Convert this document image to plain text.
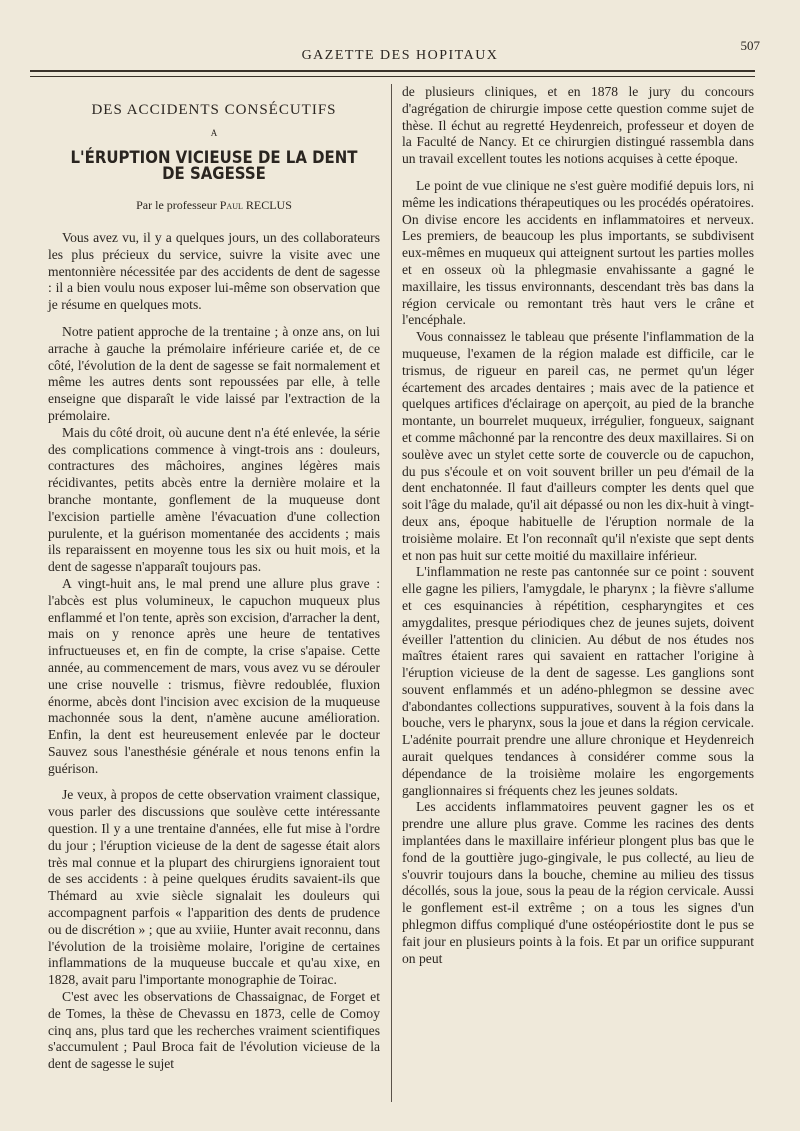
GAZETTE DES HOPITAUX
507
DES ACCIDENTS CONSÉCUTIFS
A
L'ÉRUPTION VICIEUSE DE LA DENT DE SAGESSE
Par le professeur Paul RECLUS

Vous avez vu, il y a quelques jours, un des collaborateurs les plus précieux du service, suivre la visite avec une mentonnière nécessitée par des accidents de dent de sagesse : il a bien voulu nous exposer lui-même son observation que je résume en quelques mots.

Notre patient approche de la trentaine ; à onze ans, on lui arrache à gauche la prémolaire inférieure cariée et, de ce côté, l'évolution de la dent de sagesse se fait normalement et même les autres dents sont repoussées par elle, à telle enseigne que disparaît le vide laissé par l'extraction de la prémolaire.

Mais du côté droit, où aucune dent n'a été enlevée, la série des complications commence à vingt-trois ans : douleurs, contractures des mâchoires, angines légères mais récidivantes, petits abcès entre la dernière molaire et la branche montante, gonflement de la muqueuse dont l'excision partielle amène l'évacuation d'une collection purulente, et la guérison momentanée des accidents ; mais ils reparaissent en moyenne tous les six ou huit mois, et la dent de sagesse n'apparaît toujours pas.

A vingt-huit ans, le mal prend une allure plus grave : l'abcès est plus volumineux, le capuchon muqueux plus enflammé et l'on tente, après son excision, d'arracher la dent, mais on y renonce après une heure de tentatives infructueuses et, en fin de compte, la crise s'apaise. Cette année, au commencement de mars, vous avez vu se dérouler une crise nouvelle : trismus, fièvre redoublée, fluxion énorme, abcès dont l'incision avec excision de la muqueuse machonnée sous la dent, n'amène aucune amélioration. Enfin, la dent est heureusement enlevée par le docteur Sauvez sous l'anesthésie générale et nous tenons enfin la guérison.

Je veux, à propos de cette observation vraiment classique, vous parler des discussions que soulève cette intéressante question. Il y a une trentaine d'années, elle fut mise à l'ordre du jour ; l'éruption vicieuse de la dent de sagesse était alors très mal connue et la plupart des chirurgiens ignoraient tout de ses accidents : à peine quelques érudits savaient-ils que Thémard au xvie siècle signalait les douleurs qui accompagnent parfois « l'apparition des dents de prudence ou de discrétion » ; que au xviiie, Hunter avait reconnu, dans l'évolution de la troisième molaire, l'origine de certaines inflammations de la muqueuse buccale et qu'au xixe, en 1828, avait paru l'importante monographie de Toirac.

C'est avec les observations de Chassaignac, de Forget et de Tomes, la thèse de Chevassu en 1873, celle de Comoy cinq ans, plus tard que les recherches vraiment scientifiques s'accumulent ; Paul Broca fait de l'évolution vicieuse de la dent de sagesse le sujet

de plusieurs cliniques, et en 1878 le jury du concours d'agrégation de chirurgie impose cette question comme sujet de thèse. Il échut au regretté Heydenreich, professeur et doyen de la Faculté de Nancy. Et ce chirurgien distingué rassembla dans un travail excellent toutes les notions acquises à cette époque.

Le point de vue clinique ne s'est guère modifié depuis lors, ni même les indications thérapeutiques ou les procédés opératoires. On divise encore les accidents en inflammatoires et nerveux. Les premiers, de beaucoup les plus importants, se subdivisent eux-mêmes en muqueux qui atteignent surtout les parties molles et en osseux où la phlegmasie envahissante a gagné le maxillaire, les tissus environnants, descendant très bas dans la région cervicale ou remontant très haut vers le crâne et l'encéphale.

Vous connaissez le tableau que présente l'inflammation de la muqueuse, l'examen de la région malade est difficile, car le trismus, de rigueur en pareil cas, ne permet qu'un léger écartement des arcades dentaires ; mais avec de la patience et quelques artifices d'éclairage on aperçoit, au pied de la branche montante, un bourrelet muqueux, irrégulier, fongueux, saignant et comme mâchonné par la rencontre des deux maxillaires. Si on soulève avec un stylet cette sorte de couvercle ou de capuchon, du pus s'écoule et on voit souvent briller un peu d'émail de la dent enchatonnée. Il faut d'ailleurs compter les dents quel que soit l'âge du malade, qu'il ait dépassé ou non les dix-huit à vingt-deux ans, époque habituelle de l'éruption normale de la troisième molaire. Et l'on reconnaît qu'il n'existe que sept dents et non pas huit sur cette moitié du maxillaire inférieur.

L'inflammation ne reste pas cantonnée sur ce point : souvent elle gagne les piliers, l'amygdale, le pharynx ; la fièvre s'allume et ces esquinancies à répétition, cespharyngites et ces amygdalites, presque périodiques chez de jeunes sujets, doivent éveiller l'attention du clinicien. Au début de nos études nos maîtres étaient rares qui savaient en rattacher l'origine à l'éruption vicieuse de la dent de sagesse. Les ganglions sont souvent enflammés et un adéno-phlegmon se dessine avec d'abondantes collections suppuratives, souvent à la fois dans la bouche, vers le pharynx, sous la joue et dans la région cervicale. L'adénite pourrait prendre une allure chronique et Heydenreich aurait quelques tendances à considérer comme sous la dépendance de la troisième molaire les engorgements ganglionnaires si fréquents chez les jeunes soldats.

Les accidents inflammatoires peuvent gagner les os et prendre une allure plus grave. Comme les racines des dents implantées dans le maxillaire inférieur plongent plus bas que le fond de la gouttière jugo-gingivale, le pus collecté, au lieu de s'ouvrir toujours dans la bouche, chemine au milieu des tissus décollés, sous la joue, sous la peau de la région cervicale. Aussi le gonflement est-il extrême ; on a tous les signes d'un phlegmon diffus compliqué d'une ostéopériostite dont le pus se fait jour en plusieurs points à la fois. Et par un orifice suppurant on peut
